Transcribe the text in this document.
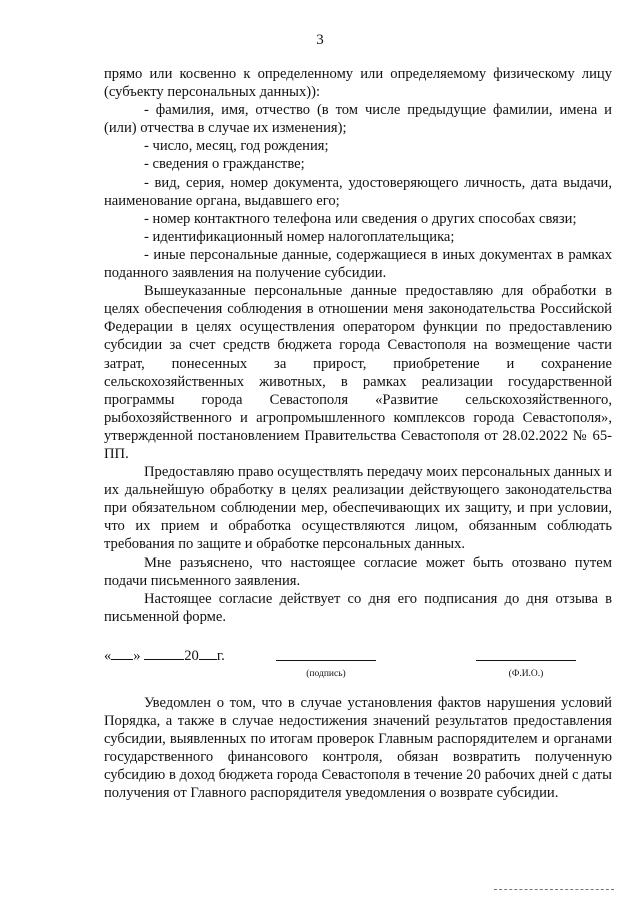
3

прямо или косвенно к определенному или определяемому физическому лицу (субъекту персональных данных)):

- фамилия, имя, отчество (в том числе предыдущие фамилии, имена и (или) отчества в случае их изменения);

- число, месяц, год рождения;

- сведения о гражданстве;

- вид, серия, номер документа, удостоверяющего личность, дата выдачи, наименование органа, выдавшего его;

- номер контактного телефона или сведения о других способах связи;

- идентификационный номер налогоплательщика;

- иные персональные данные, содержащиеся в иных документах в рамках поданного заявления на получение субсидии.

Вышеуказанные персональные данные предоставляю для обработки в целях обеспечения соблюдения в отношении меня законодательства Российской Федерации в целях осуществления оператором функции по предоставлению субсидии за счет средств бюджета города Севастополя на возмещение части затрат, понесенных за прирост, приобретение и сохранение сельскохозяйственных животных, в рамках реализации государственной программы города Севастополя «Развитие сельскохозяйственного, рыбохозяйственного и агропромышленного комплексов города Севастополя», утвержденной постановлением Правительства Севастополя от 28.02.2022 № 65-ПП.

Предоставляю право осуществлять передачу моих персональных данных и их дальнейшую обработку в целях реализации действующего законодательства при обязательном соблюдении мер, обеспечивающих их защиту, и при условии, что их прием и обработка осуществляются лицом, обязанным соблюдать требования по защите и обработке персональных данных.

Мне разъяснено, что настоящее согласие может быть отозвано путем подачи письменного заявления.

Настоящее согласие действует со дня его подписания до дня отзыва в письменной форме.

« »	20 г.
(подпись)	(Ф.И.О.)

Уведомлен о том, что в случае установления фактов нарушения условий Порядка, а также в случае недостижения значений результатов предоставления субсидии, выявленных по итогам проверок Главным распорядителем и органами государственного финансового контроля, обязан возвратить полученную субсидию в доход бюджета города Севастополя в течение 20 рабочих дней с даты получения от Главного распорядителя уведомления о возврате субсидии.
